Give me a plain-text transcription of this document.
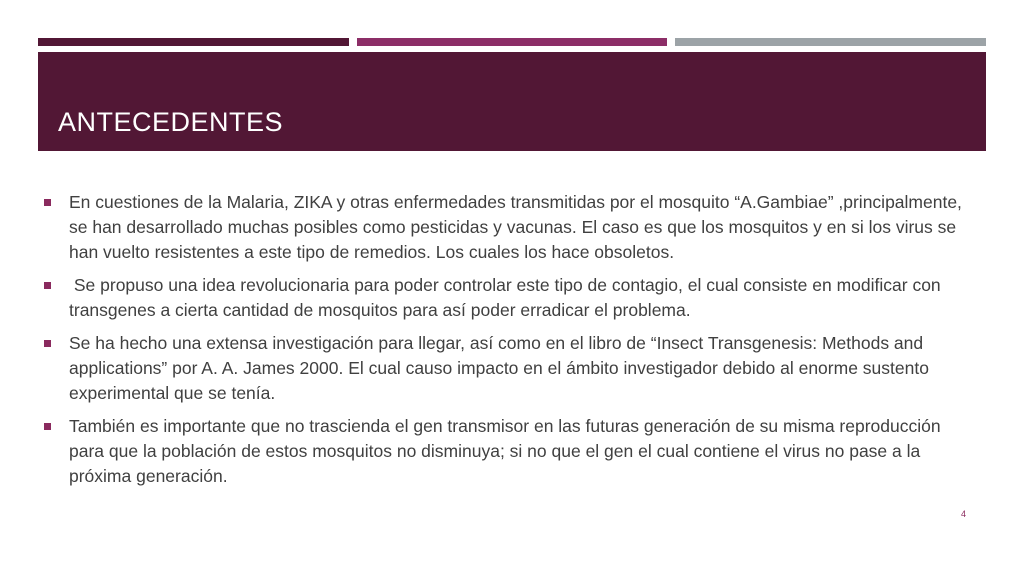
ANTECEDENTES
En cuestiones de la Malaria, ZIKA y otras enfermedades transmitidas por el mosquito “A.Gambiae” ,principalmente, se han desarrollado muchas posibles como pesticidas y vacunas. El caso es que los mosquitos y en si los virus se han vuelto resistentes a este tipo de remedios. Los cuales los hace obsoletos.
Se propuso una idea revolucionaria para poder controlar este tipo de contagio, el cual consiste en modificar con transgenes a cierta cantidad de mosquitos para así poder erradicar el problema.
Se ha hecho una extensa investigación para llegar, así como en el libro de “Insect Transgenesis: Methods and applications” por A. A. James 2000. El cual causo impacto en el ámbito investigador debido al enorme sustento experimental que se tenía.
También es importante que no trascienda el gen transmisor en las futuras generación de su misma reproducción para que la población de estos mosquitos no disminuya; si no que el gen el cual contiene el virus no pase a la próxima generación.
4
